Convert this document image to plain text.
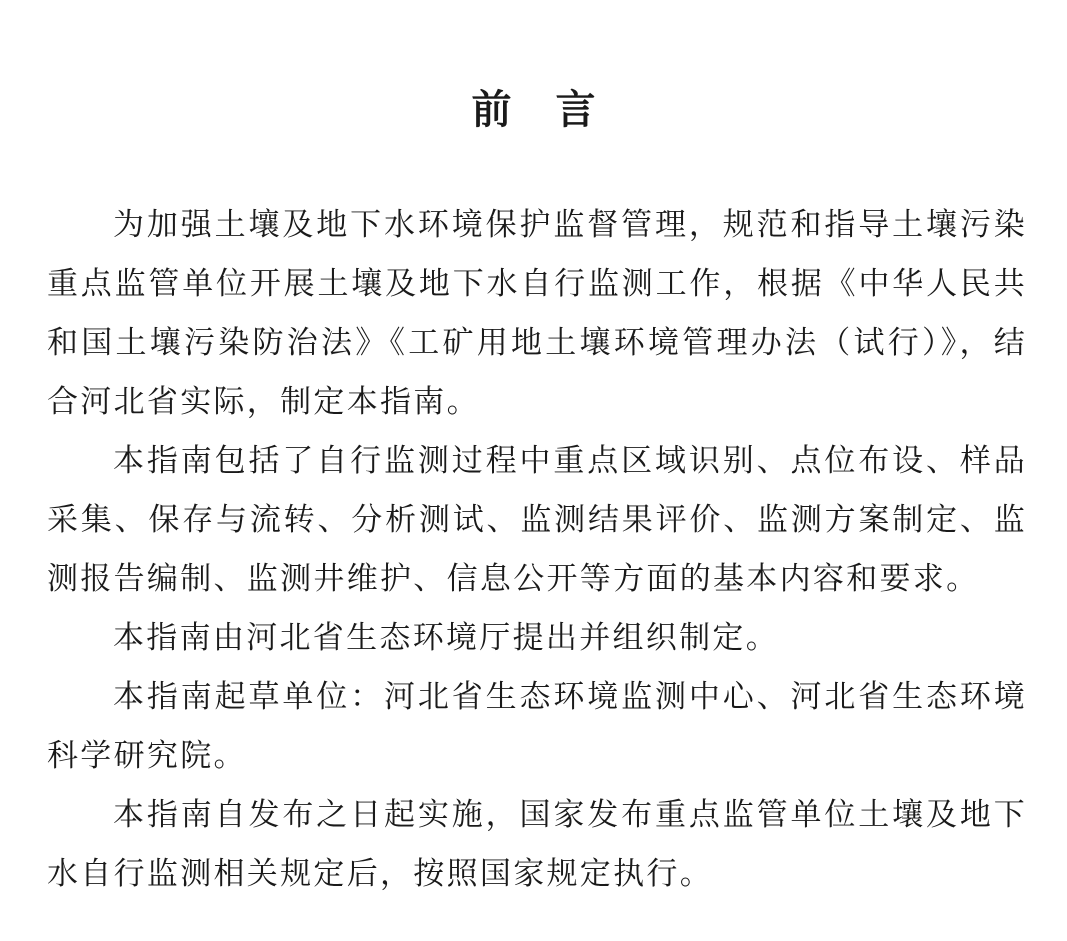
前言

为加强土壤及地下水环境保护监督管理，规范和指导土壤污染重点监管单位开展土壤及地下水自行监测工作，根据《中华人民共和国土壤污染防治法》《工矿用地土壤环境管理办法（试行）》，结合河北省实际，制定本指南。

本指南包括了自行监测过程中重点区域识别、点位布设、样品采集、保存与流转、分析测试、监测结果评价、监测方案制定、监测报告编制、监测井维护、信息公开等方面的基本内容和要求。

本指南由河北省生态环境厅提出并组织制定。

本指南起草单位：河北省生态环境监测中心、河北省生态环境科学研究院。

本指南自发布之日起实施，国家发布重点监管单位土壤及地下水自行监测相关规定后，按照国家规定执行。
